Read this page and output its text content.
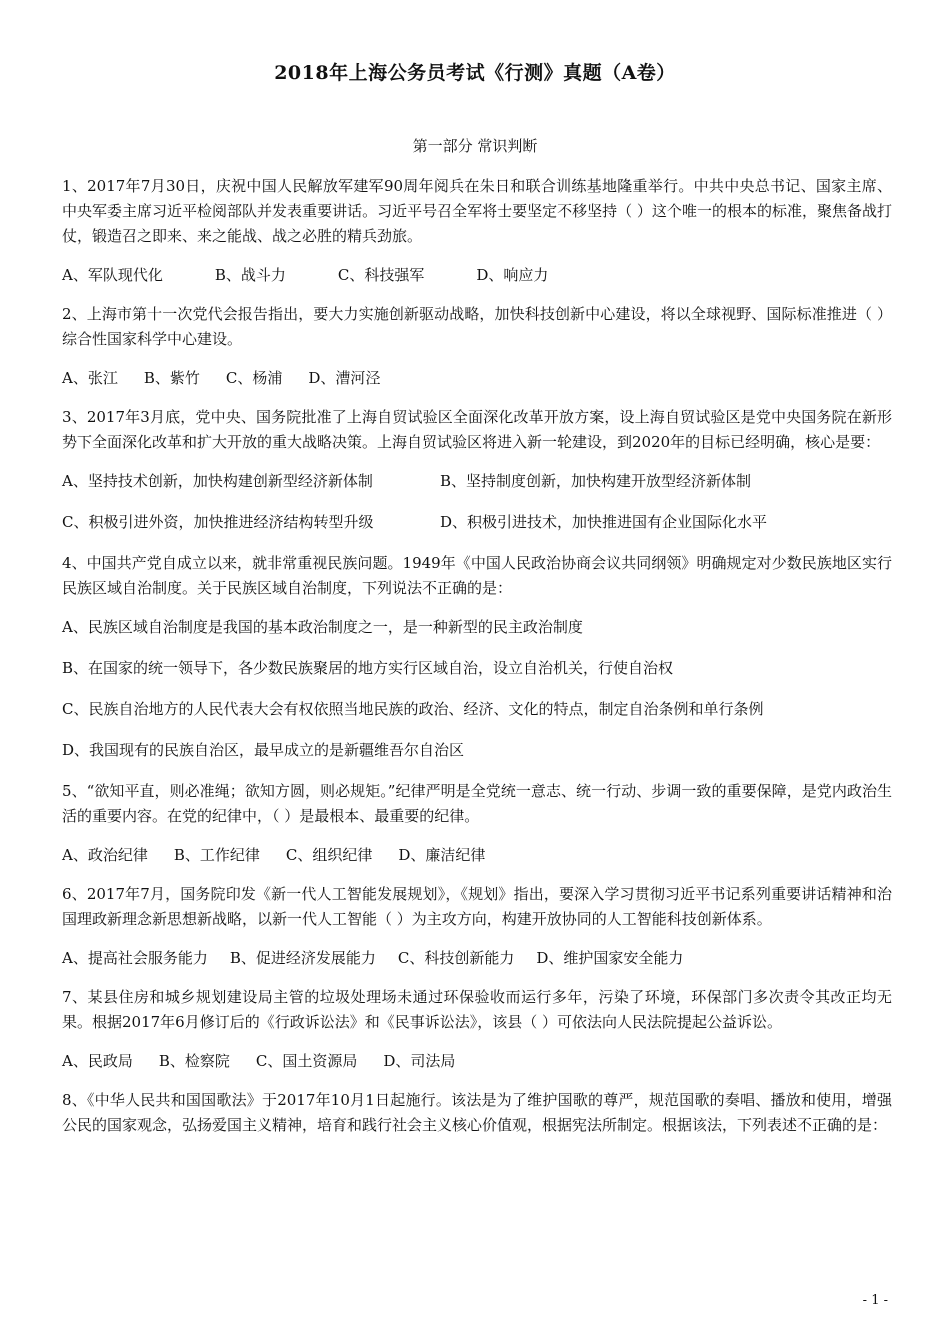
2018年上海公务员考试《行测》真题（A卷）
第一部分 常识判断

1、2017年7月30日，庆祝中国人民解放军建军90周年阅兵在朱日和联合训练基地隆重举行。中共中央总书记、国家主席、中央军委主席习近平检阅部队并发表重要讲话。习近平号召全军将士要坚定不移坚持（ ）这个唯一的根本的标准，聚焦备战打仗，锻造召之即来、来之能战、战之必胜的精兵劲旅。

A、军队现代化	B、战斗力	C、科技强军	D、响应力

2、上海市第十一次党代会报告指出，要大力实施创新驱动战略，加快科技创新中心建设，将以全球视野、国际标准推进（ ）综合性国家科学中心建设。

A、张江 B、紫竹 C、杨浦 D、漕河泾

3、2017年3月底，党中央、国务院批准了上海自贸试验区全面深化改革开放方案，设上海自贸试验区是党中央国务院在新形势下全面深化改革和扩大开放的重大战略决策。上海自贸试验区将进入新一轮建设，到2020年的目标已经明确，核心是要：

A、坚持技术创新，加快构建创新型经济新体制	B、坚持制度创新，加快构建开放型经济新体制
C、积极引进外资，加快推进经济结构转型升级	D、积极引进技术，加快推进国有企业国际化水平

4、中国共产党自成立以来，就非常重视民族问题。1949年《中国人民政治协商会议共同纲领》明确规定对少数民族地区实行民族区域自治制度。关于民族区域自治制度，下列说法不正确的是：

A、民族区域自治制度是我国的基本政治制度之一，是一种新型的民主政治制度
B、在国家的统一领导下，各少数民族聚居的地方实行区域自治，设立自治机关，行使自治权
C、民族自治地方的人民代表大会有权依照当地民族的政治、经济、文化的特点，制定自治条例和单行条例
D、我国现有的民族自治区，最早成立的是新疆维吾尔自治区

5、“欲知平直，则必准绳；欲知方圆，则必规矩。”纪律严明是全党统一意志、统一行动、步调一致的重要保障，是党内政治生活的重要内容。在党的纪律中，（ ）是最根本、最重要的纪律。

A、政治纪律 B、工作纪律 C、组织纪律 D、廉洁纪律

6、2017年7月，国务院印发《新一代人工智能发展规划》，《规划》指出，要深入学习贯彻习近平书记系列重要讲话精神和治国理政新理念新思想新战略，以新一代人工智能（ ）为主攻方向，构建开放协同的人工智能科技创新体系。

A、提高社会服务能力 B、促进经济发展能力 C、科技创新能力 D、维护国家安全能力

7、某县住房和城乡规划建设局主管的垃圾处理场未通过环保验收而运行多年，污染了环境，环保部门多次责令其改正均无果。根据2017年6月修订后的《行政诉讼法》和《民事诉讼法》，该县（ ）可依法向人民法院提起公益诉讼。

A、民政局 B、检察院 C、国土资源局 D、司法局

8、《中华人民共和国国歌法》于2017年10月1日起施行。该法是为了维护国歌的尊严，规范国歌的奏唱、播放和使用，增强公民的国家观念，弘扬爱国主义精神，培育和践行社会主义核心价值观，根据宪法所制定。根据该法，下列表述不正确的是：

- 1 -
